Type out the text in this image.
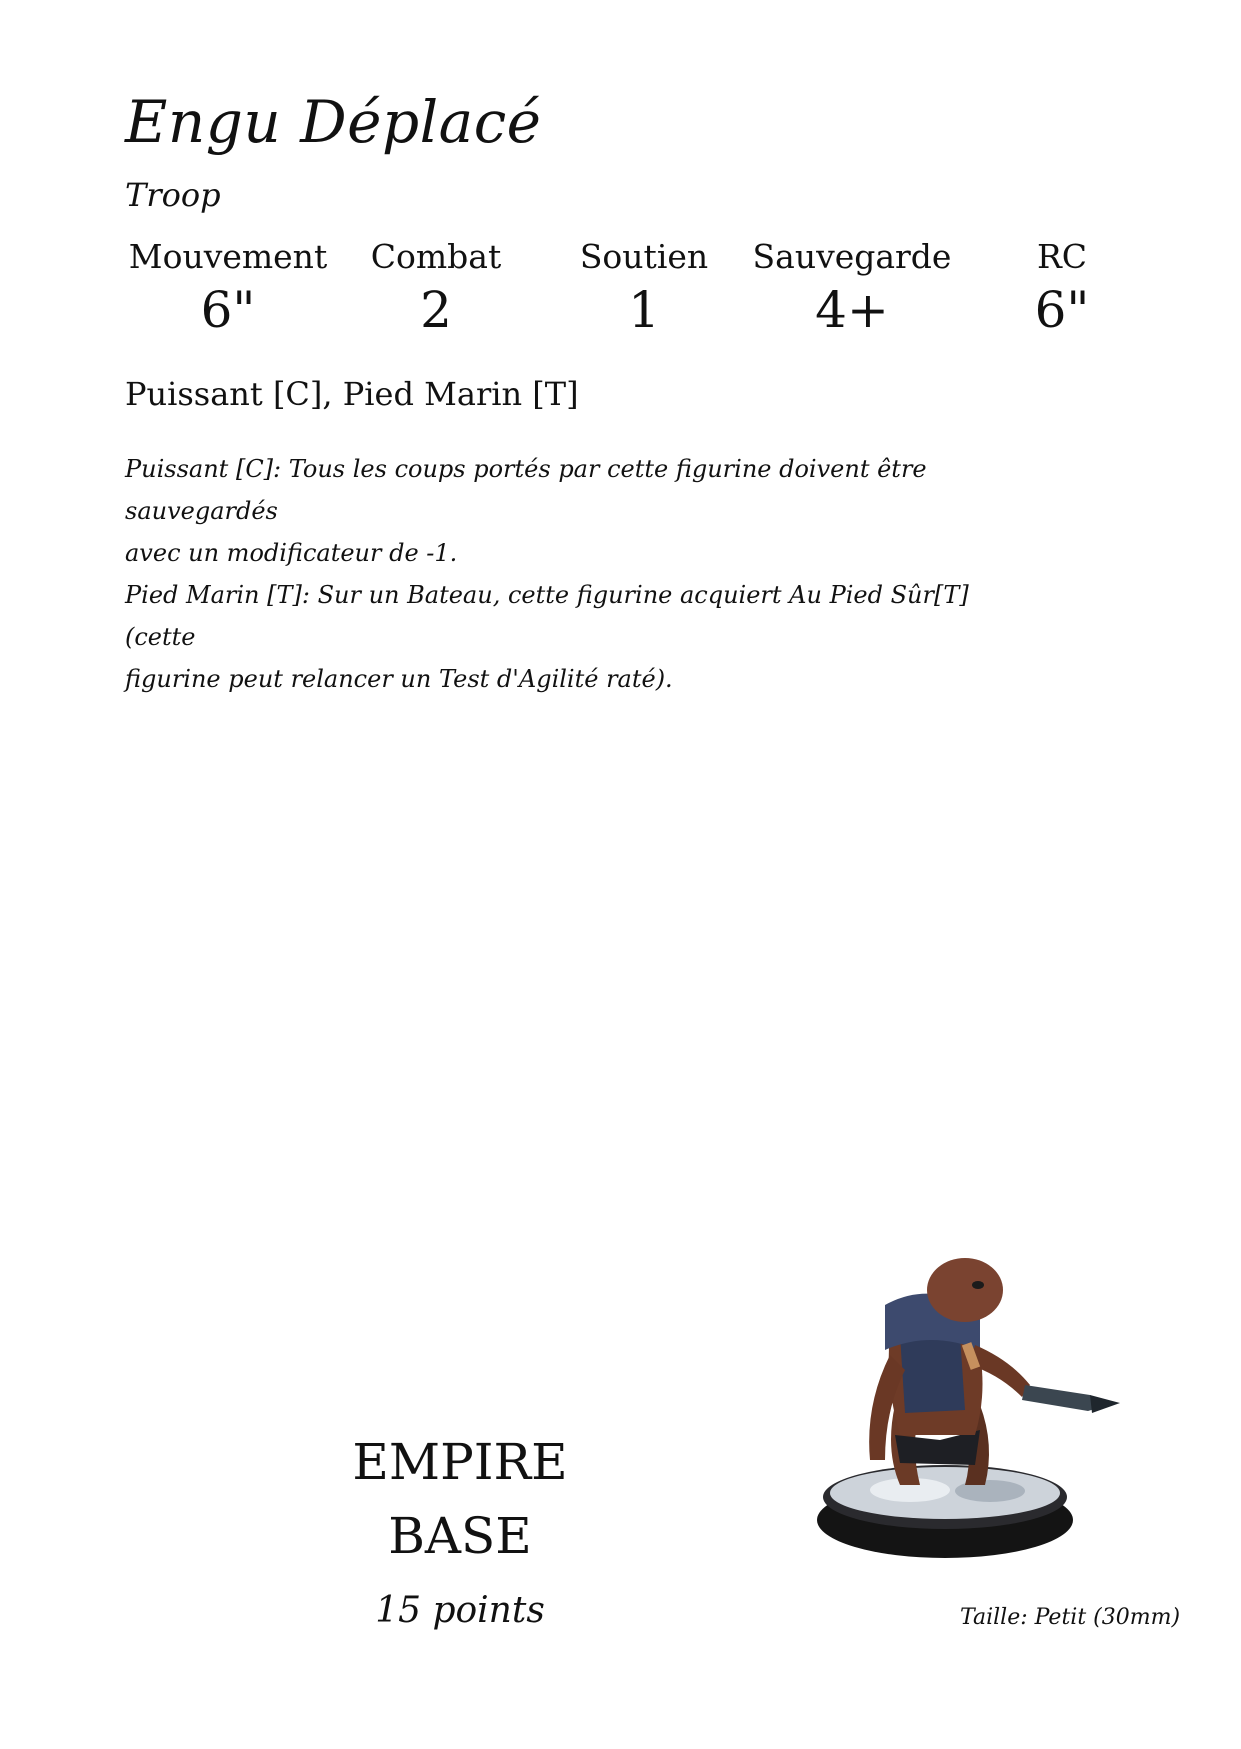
Engu Déplacé
Troop
Mouvement
6"
Combat
2
Soutien
1
Sauvegarde
4+
RC
6"
Puissant [C], Pied Marin [T]
Puissant [C]: Tous les coups portés par cette figurine doivent être sauvegardés
avec un modificateur de -1.
Pied Marin [T]: Sur un Bateau, cette figurine acquiert Au Pied Sûr[T] (cette
figurine peut relancer un Test d'Agilité raté).
EMPIRE
BASE
15 points	Taille: Petit (30mm)
